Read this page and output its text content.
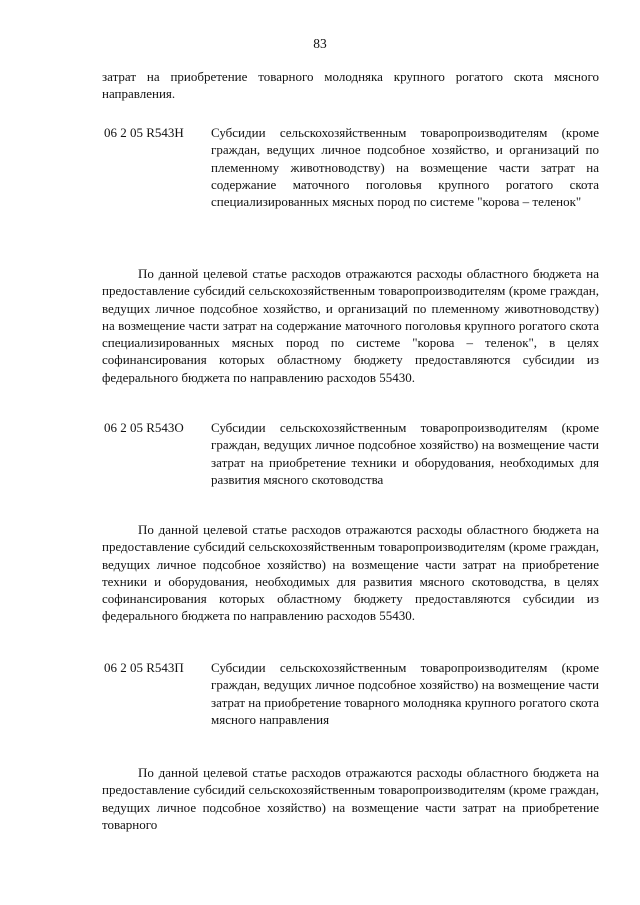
83
затрат на приобретение товарного молодняка крупного рогатого скота мясного направления.
06 2 05 R543Н Субсидии сельскохозяйственным товаропроизводителям (кроме граждан, ведущих личное подсобное хозяйство, и организаций по племенному животноводству) на возмещение части затрат на содержание маточного поголовья крупного рогатого скота специализированных мясных пород по системе "корова – теленок"
По данной целевой статье расходов отражаются расходы областного бюджета на предоставление субсидий сельскохозяйственным товаропроизводителям (кроме граждан, ведущих личное подсобное хозяйство, и организаций по племенному животноводству) на возмещение части затрат на содержание маточного поголовья крупного рогатого скота специализированных мясных пород по системе "корова – теленок", в целях софинансирования которых областному бюджету предоставляются субсидии из федерального бюджета по направлению расходов 55430.
06 2 05 R543О Субсидии сельскохозяйственным товаропроизводителям (кроме граждан, ведущих личное подсобное хозяйство) на возмещение части затрат на приобретение техники и оборудования, необходимых для развития мясного скотоводства
По данной целевой статье расходов отражаются расходы областного бюджета на предоставление субсидий сельскохозяйственным товаропроизводителям (кроме граждан, ведущих личное подсобное хозяйство) на возмещение части затрат на приобретение техники и оборудования, необходимых для развития мясного скотоводства, в целях софинансирования которых областному бюджету предоставляются субсидии из федерального бюджета по направлению расходов 55430.
06 2 05 R543П Субсидии сельскохозяйственным товаропроизводителям (кроме граждан, ведущих личное подсобное хозяйство) на возмещение части затрат на приобретение товарного молодняка крупного рогатого скота мясного направления
По данной целевой статье расходов отражаются расходы областного бюджета на предоставление субсидий сельскохозяйственным товаропроизводителям (кроме граждан, ведущих личное подсобное хозяйство) на возмещение части затрат на приобретение товарного
